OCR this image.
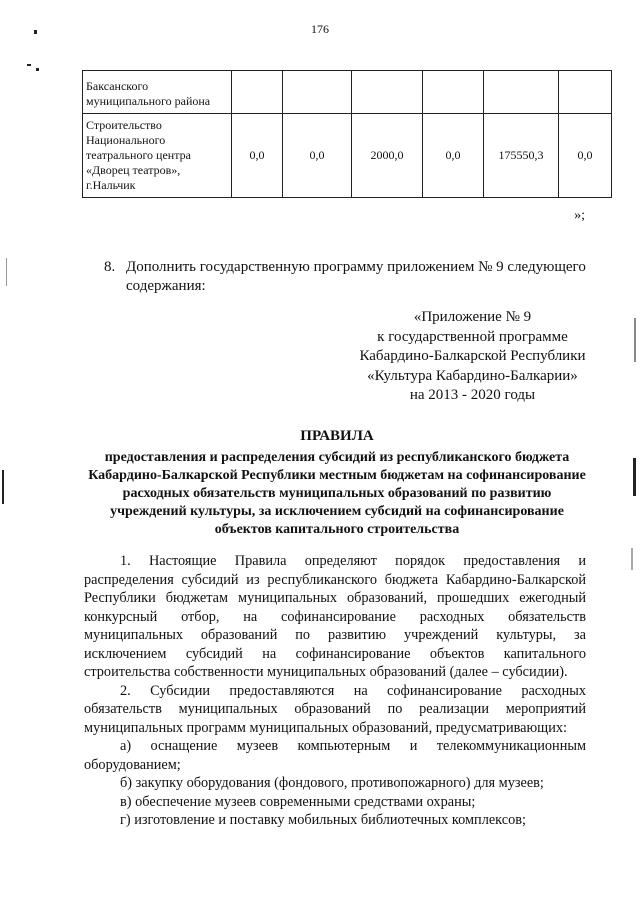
176
Баксанского муниципального района						
Строительство Национального театрального центра «Дворец театров», г.Нальчик	0,0	0,0	2000,0	0,0	175550,3	0,0
»;
8. Дополнить государственную программу приложением № 9 следующего
содержания:
«Приложение № 9
к государственной программе
Кабардино-Балкарской Республики
«Культура Кабардино-Балкарии»
на 2013 - 2020 годы
ПРАВИЛА
предоставления и распределения субсидий из республиканского бюджета Кабардино-Балкарской Республики местным бюджетам на софинансирование расходных обязательств муниципальных образований по развитию учреждений культуры, за исключением субсидий на софинансирование объектов капитального строительства

1. Настоящие Правила определяют порядок предоставления и распределения субсидий из республиканского бюджета Кабардино-Балкарской Республики бюджетам муниципальных образований, прошедших ежегодный конкурсный отбор, на софинансирование расходных обязательств муниципальных образований по развитию учреждений культуры, за исключением субсидий на софинансирование объектов капитального строительства собственности муниципальных образований (далее – субсидии).

2. Субсидии предоставляются на софинансирование расходных обязательств муниципальных образований по реализации мероприятий муниципальных программ муниципальных образований, предусматривающих:

а) оснащение музеев компьютерным и телекоммуникационным оборудованием;

б) закупку оборудования (фондового, противопожарного) для музеев;

в) обеспечение музеев современными средствами охраны;

г) изготовление и поставку мобильных библиотечных комплексов;
